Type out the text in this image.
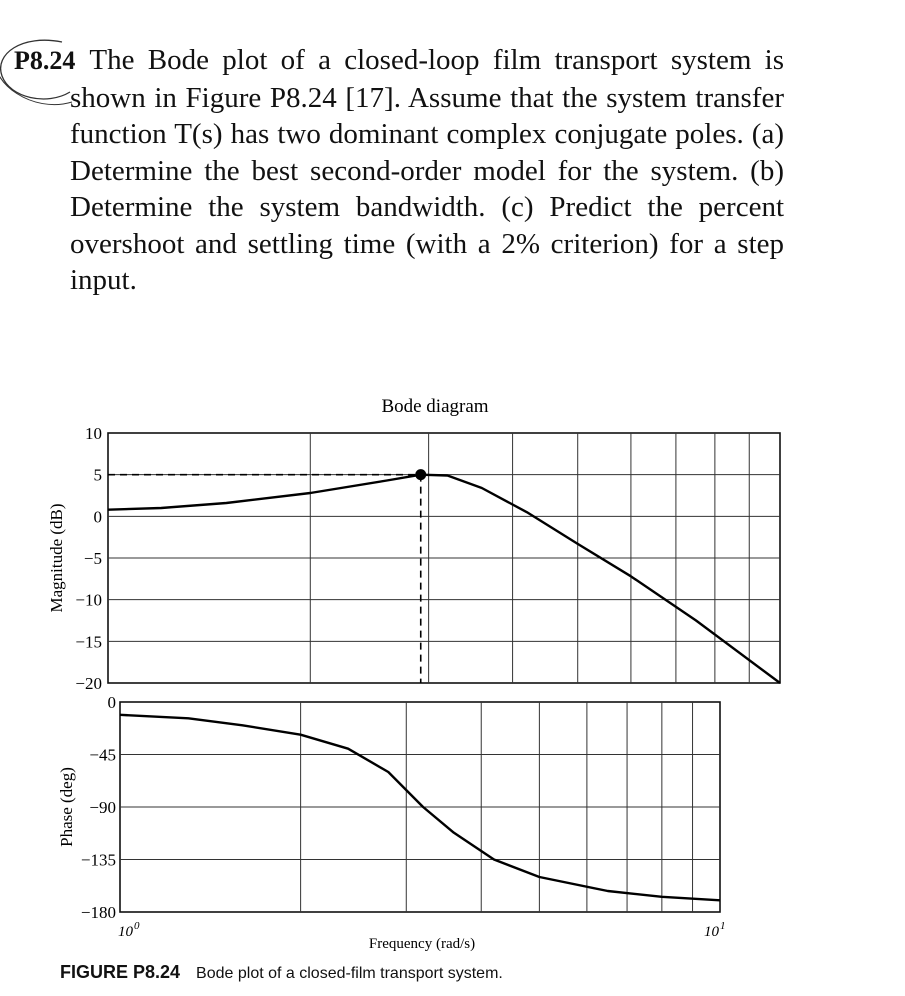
P8.24 The Bode plot of a closed-loop film transport system is shown in Figure P8.24 [17]. Assume that the system transfer function T(s) has two dominant complex conjugate poles. (a) Determine the best second-order model for the system. (b) Determine the system bandwidth. (c) Predict the percent overshoot and settling time (with a 2% criterion) for a step input.
Bode diagram
10
5
0
−5
−10
−15
−20
0
−45
−90
−135
−180
Magnitude (dB)
Phase (deg)
10 0	10 1
Frequency (rad/s)
FIGURE P8.24 Bode plot of a closed-film transport system.
